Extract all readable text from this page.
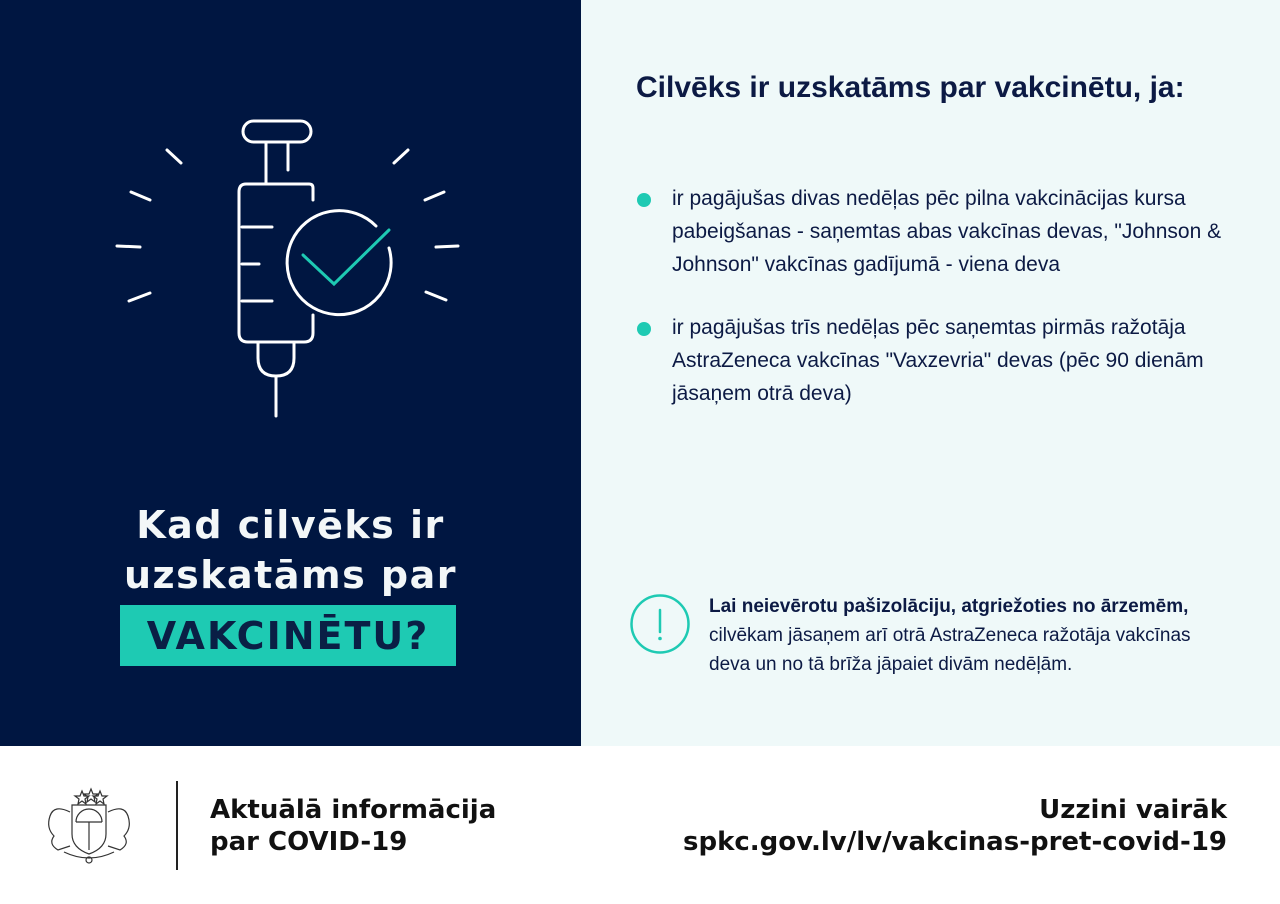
Kad cilvēks ir
uzskatāms par
VAKCINĒTU?
Cilvēks ir uzskatāms par vakcinētu, ja:
ir pagājušas divas nedēļas pēc pilna vakcinācijas kursa pabeigšanas - saņemtas abas vakcīnas devas, "Johnson & Johnson" vakcīnas gadījumā - viena deva
ir pagājušas trīs nedēļas pēc saņemtas pirmās ražotāja AstraZeneca vakcīnas "Vaxzevria" devas (pēc 90 dienām jāsaņem otrā deva)

Lai neievērotu pašizolāciju, atgriežoties no ārzemēm, cilvēkam jāsaņem arī otrā AstraZeneca ražotāja vakcīnas deva un no tā brīža jāpaiet divām nedēļām.

Aktuālā informācija
par COVID-19
Uzzini vairāk
spkc.gov.lv/lv/vakcinas-pret-covid-19
